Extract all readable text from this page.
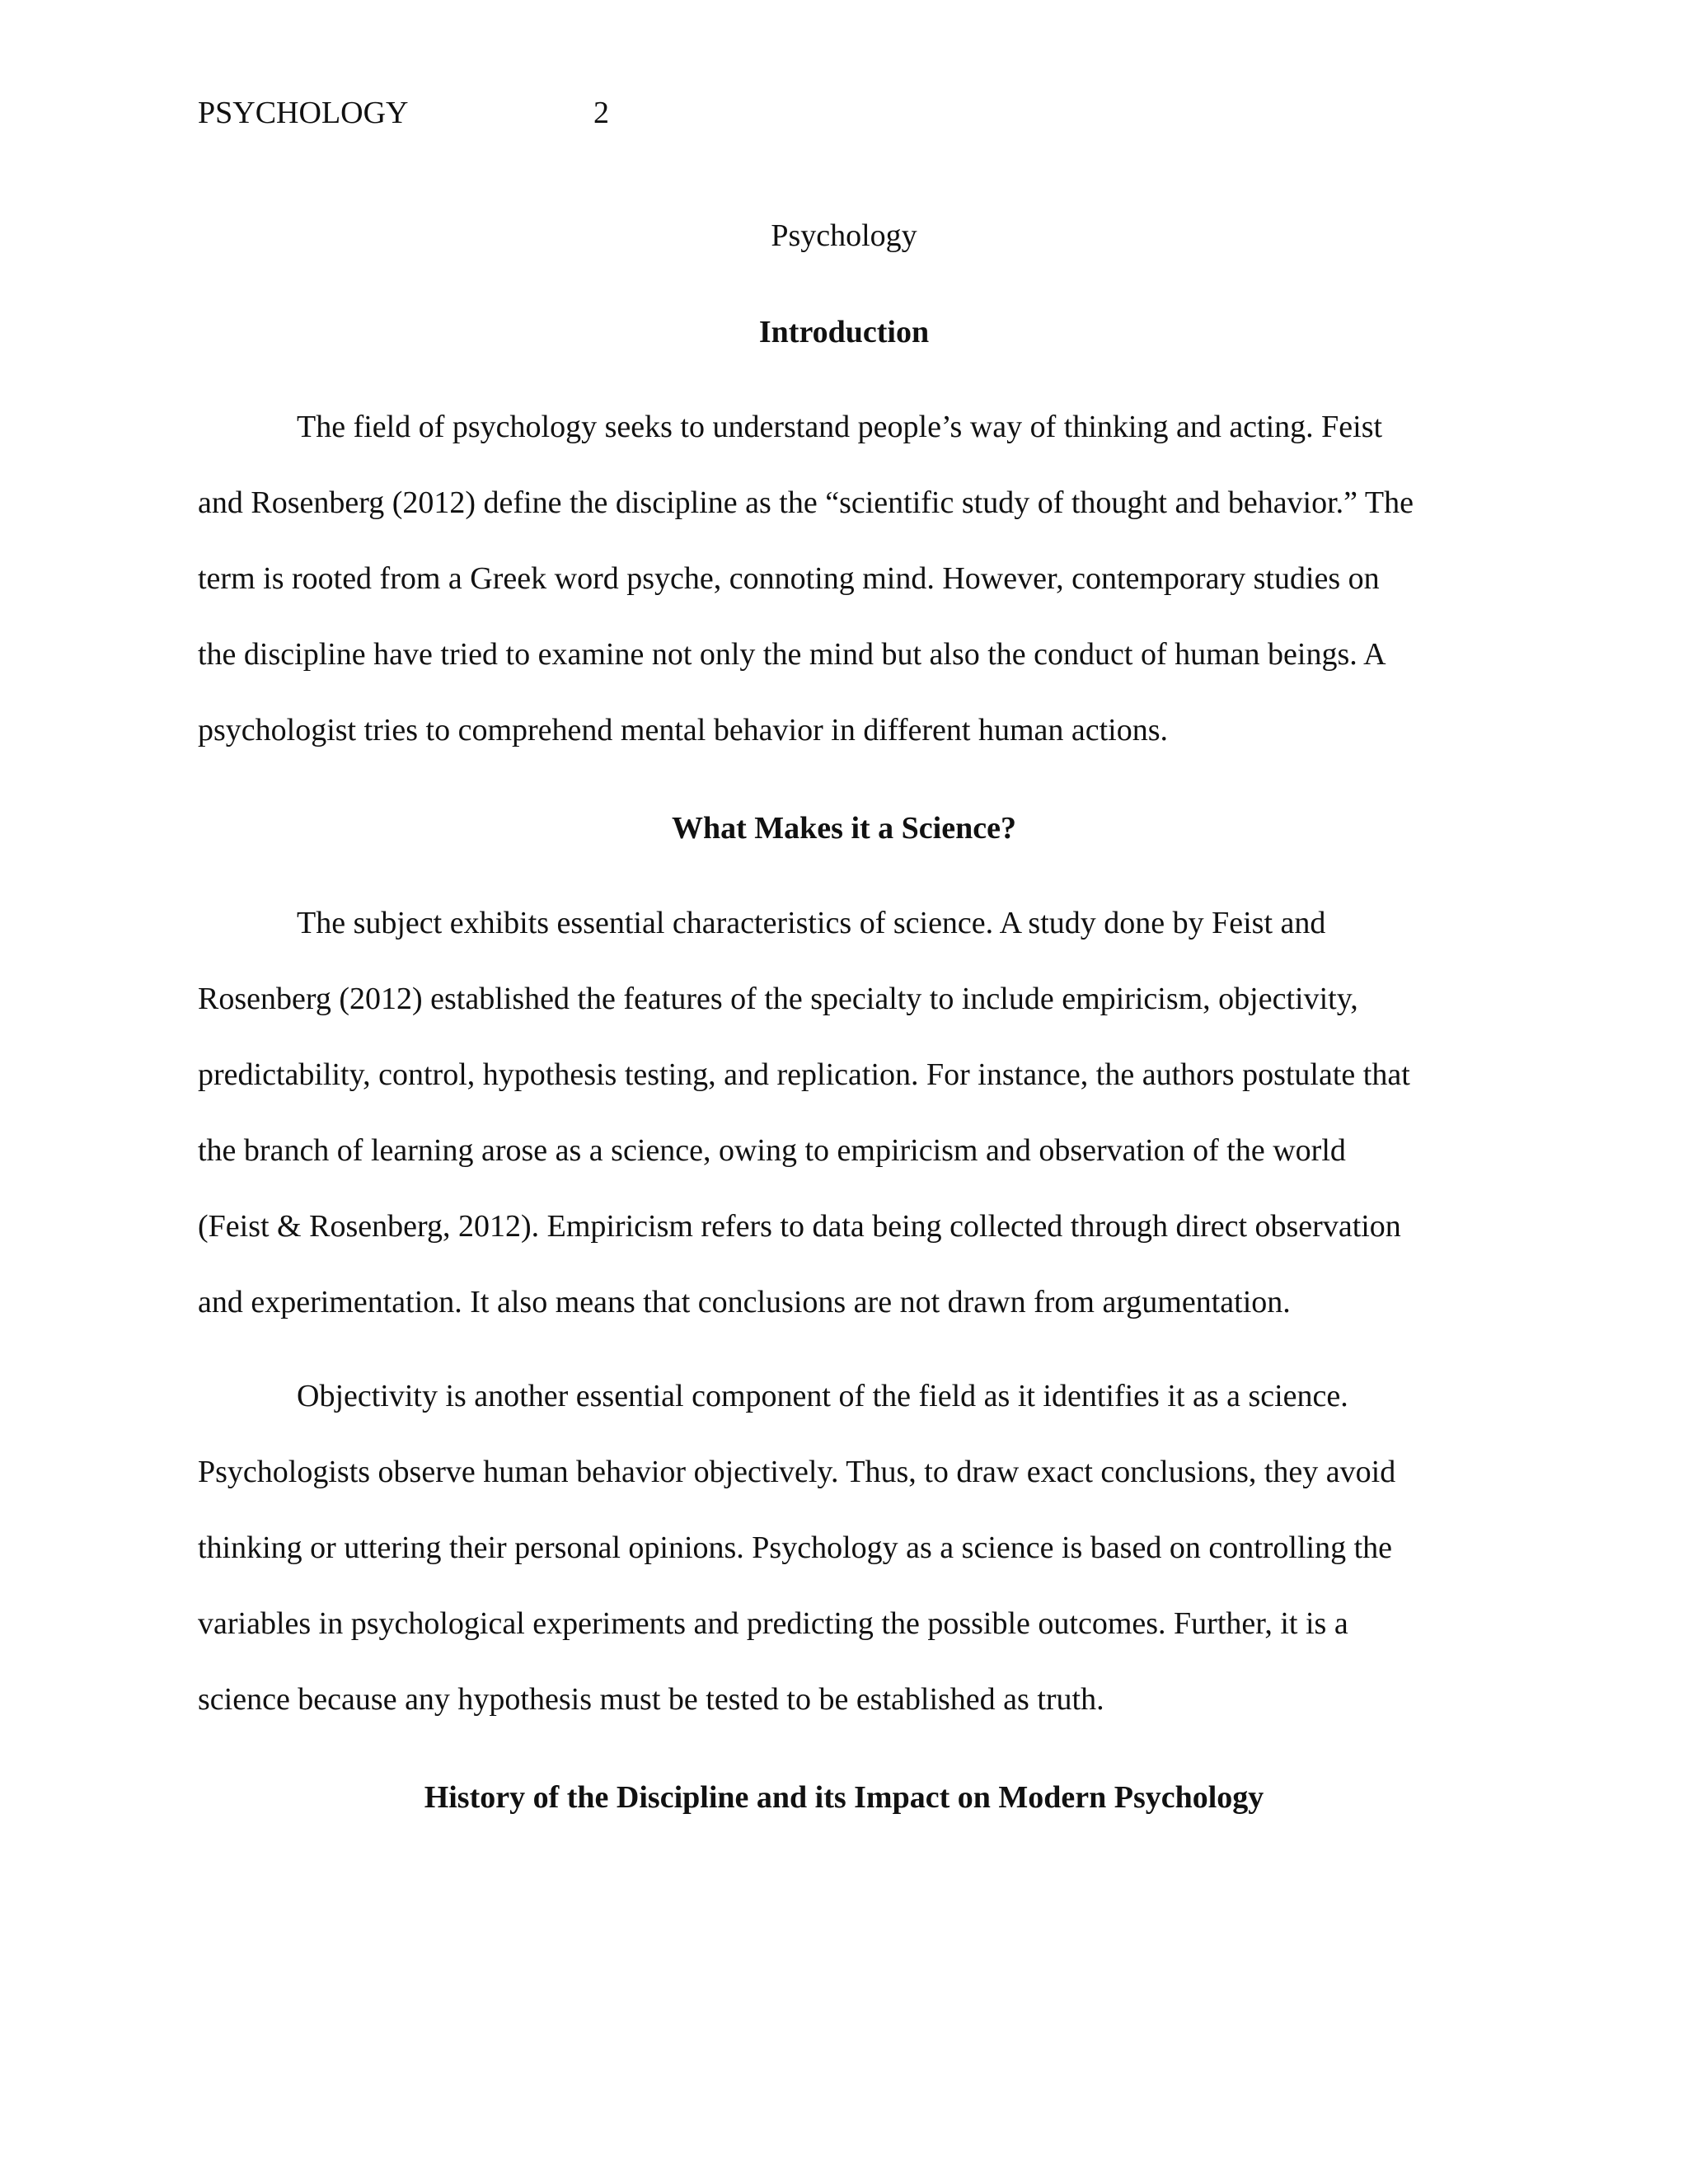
PSYCHOLOGY	2
Psychology
Introduction
The field of psychology seeks to understand people’s way of thinking and acting. Feist
and Rosenberg (2012) define the discipline as the “scientific study of thought and behavior.” The
term is rooted from a Greek word psyche, connoting mind. However, contemporary studies on
the discipline have tried to examine not only the mind but also the conduct of human beings. A
psychologist tries to comprehend mental behavior in different human actions.
What Makes it a Science?
The subject exhibits essential characteristics of science. A study done by Feist and
Rosenberg (2012) established the features of the specialty to include empiricism, objectivity,
predictability, control, hypothesis testing, and replication. For instance, the authors postulate that
the branch of learning arose as a science, owing to empiricism and observation of the world
(Feist & Rosenberg, 2012). Empiricism refers to data being collected through direct observation
and experimentation. It also means that conclusions are not drawn from argumentation.
Objectivity is another essential component of the field as it identifies it as a science.
Psychologists observe human behavior objectively. Thus, to draw exact conclusions, they avoid
thinking or uttering their personal opinions. Psychology as a science is based on controlling the
variables in psychological experiments and predicting the possible outcomes. Further, it is a
science because any hypothesis must be tested to be established as truth.
History of the Discipline and its Impact on Modern Psychology
